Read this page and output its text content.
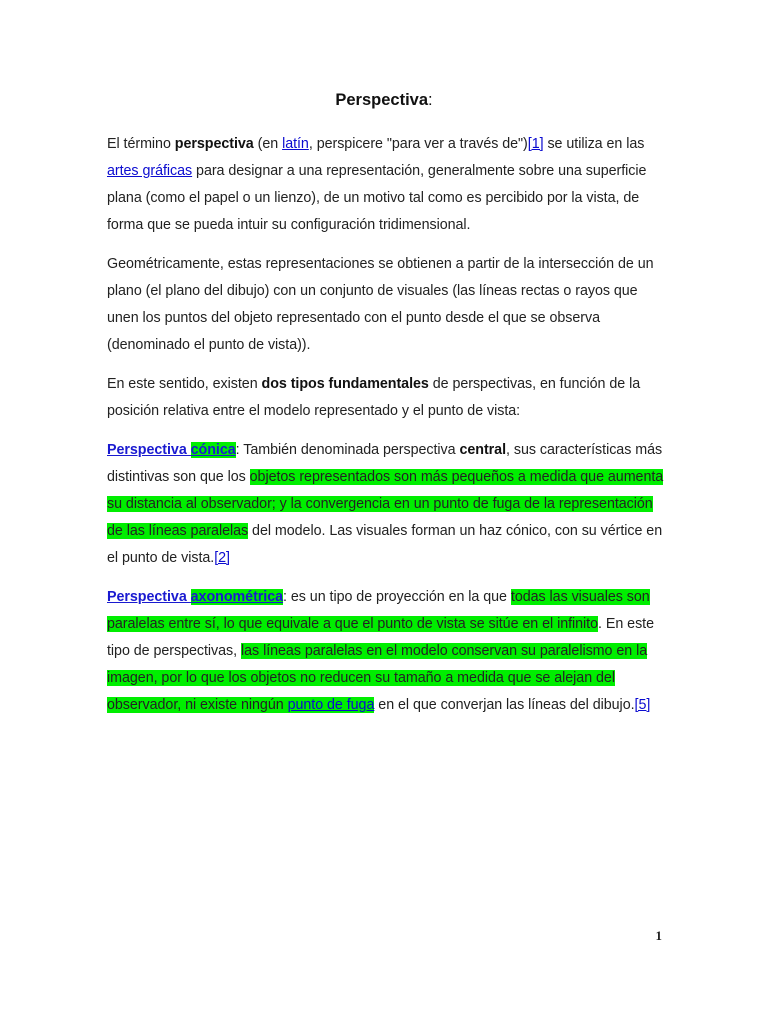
Perspectiva:

El término perspectiva (en latín, perspicere "para ver a través de")[1] se utiliza en las artes gráficas para designar a una representación, generalmente sobre una superficie plana (como el papel o un lienzo), de un motivo tal como es percibido por la vista, de forma que se pueda intuir su configuración tridimensional.

Geométricamente, estas representaciones se obtienen a partir de la intersección de un plano (el plano del dibujo) con un conjunto de visuales (las líneas rectas o rayos que unen los puntos del objeto representado con el punto desde el que se observa (denominado el punto de vista)).

En este sentido, existen dos tipos fundamentales de perspectivas, en función de la posición relativa entre el modelo representado y el punto de vista:

Perspectiva cónica: También denominada perspectiva central, sus características más distintivas son que los objetos representados son más pequeños a medida que aumenta su distancia al observador; y la convergencia en un punto de fuga de la representación de las líneas paralelas del modelo. Las visuales forman un haz cónico, con su vértice en el punto de vista.[2]

Perspectiva axonométrica: es un tipo de proyección en la que todas las visuales son paralelas entre sí, lo que equivale a que el punto de vista se sitúe en el infinito. En este tipo de perspectivas, las líneas paralelas en el modelo conservan su paralelismo en la imagen, por lo que los objetos no reducen su tamaño a medida que se alejan del observador, ni existe ningún punto de fuga en el que converjan las líneas del dibujo.[5]

1
